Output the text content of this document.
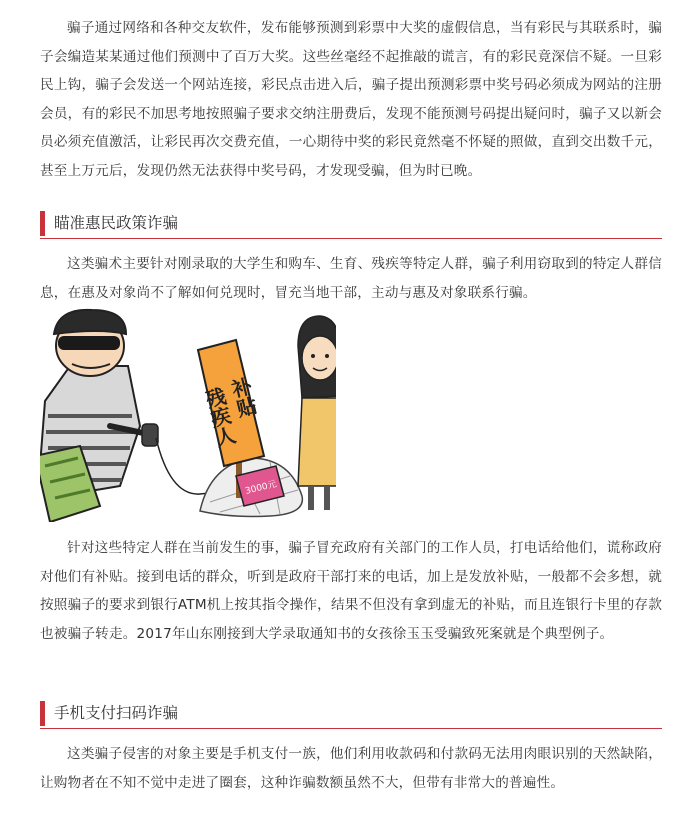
骗子通过网络和各种交友软件，发布能够预测到彩票中大奖的虚假信息，当有彩民与其联系时，骗子会编造某某通过他们预测中了百万大奖。这些丝毫经不起推敲的谎言，有的彩民竟深信不疑。一旦彩民上钩，骗子会发送一个网站连接，彩民点击进入后，骗子提出预测彩票中奖号码必须成为网站的注册会员，有的彩民不加思考地按照骗子要求交纳注册费后，发现不能预测号码提出疑问时，骗子又以新会员必须充值激活，让彩民再次交费充值，一心期待中奖的彩民竟然毫不怀疑的照做，直到交出数千元，甚至上万元后，发现仍然无法获得中奖号码，才发现受骗，但为时已晚。

瞄准惠民政策诈骗

这类骗术主要针对刚录取的大学生和购车、生育、残疾等特定人群，骗子利用窃取到的特定人群信息，在惠及对象尚不了解如何兑现时，冒充当地干部，主动与惠及对象联系行骗。

残疾人
补贴
3000元

针对这些特定人群在当前发生的事，骗子冒充政府有关部门的工作人员，打电话给他们，谎称政府对他们有补贴。接到电话的群众，听到是政府干部打来的电话，加上是发放补贴，一般都不会多想，就按照骗子的要求到银行ATM机上按其指令操作，结果不但没有拿到虚无的补贴，而且连银行卡里的存款也被骗子转走。2017年山东刚接到大学录取通知书的女孩徐玉玉受骗致死案就是个典型例子。

手机支付扫码诈骗

这类骗子侵害的对象主要是手机支付一族，他们利用收款码和付款码无法用肉眼识别的天然缺陷，让购物者在不知不觉中走进了圈套，这种诈骗数额虽然不大，但带有非常大的普遍性。
